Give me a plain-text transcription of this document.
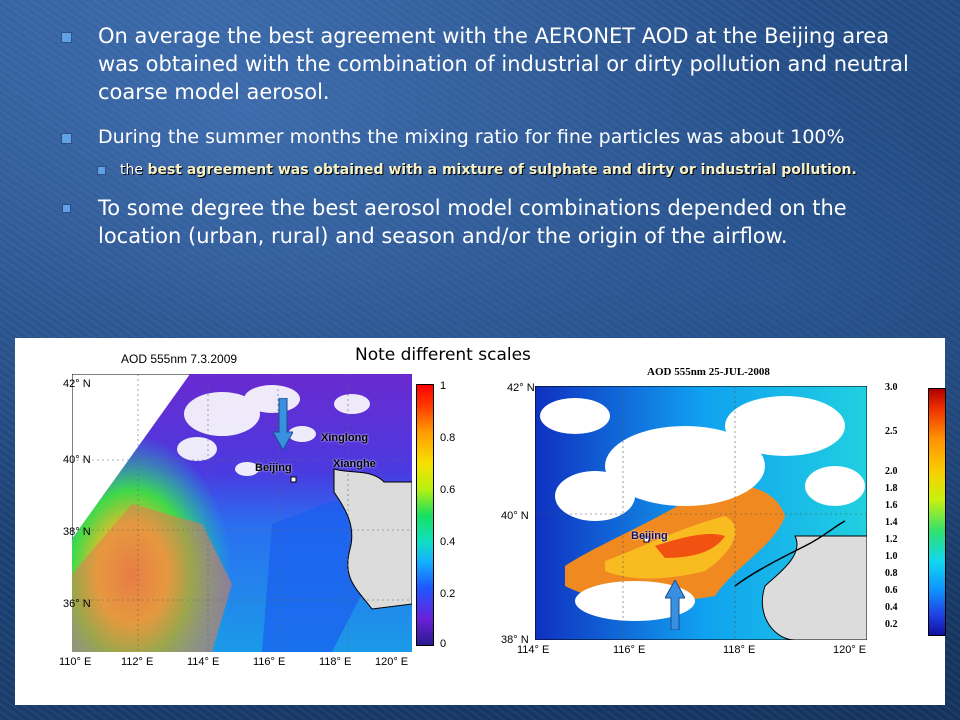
On average the best agreement with the AERONET AOD at the Beijing area was obtained with the combination of industrial or dirty pollution and neutral coarse model aerosol.

During the summer months the mixing ratio for fine particles was about 100%

the best agreement was obtained with a mixture of sulphate and dirty or industrial pollution.

To some degree the best aerosol model combinations depended on the location (urban, rural) and season and/or the origin of the airflow.

Note different scales
AOD 555nm 7.3.2009
42° N
40° N
38° N
36° N
110° E	112° E	114° E	116° E	118° E 120° E
Xinglong
Xianghe
Beijing
1
0.8
0.6
0.4
0.2
0
AOD 555nm 25-JUL-2008
42° N
40° N
38° N
114° E	116° E	118° E	120° E
Beijing
3.0
2.5
2.0
1.8
1.6
1.4
1.2
1.0
0.8
0.6
0.4
0.2
